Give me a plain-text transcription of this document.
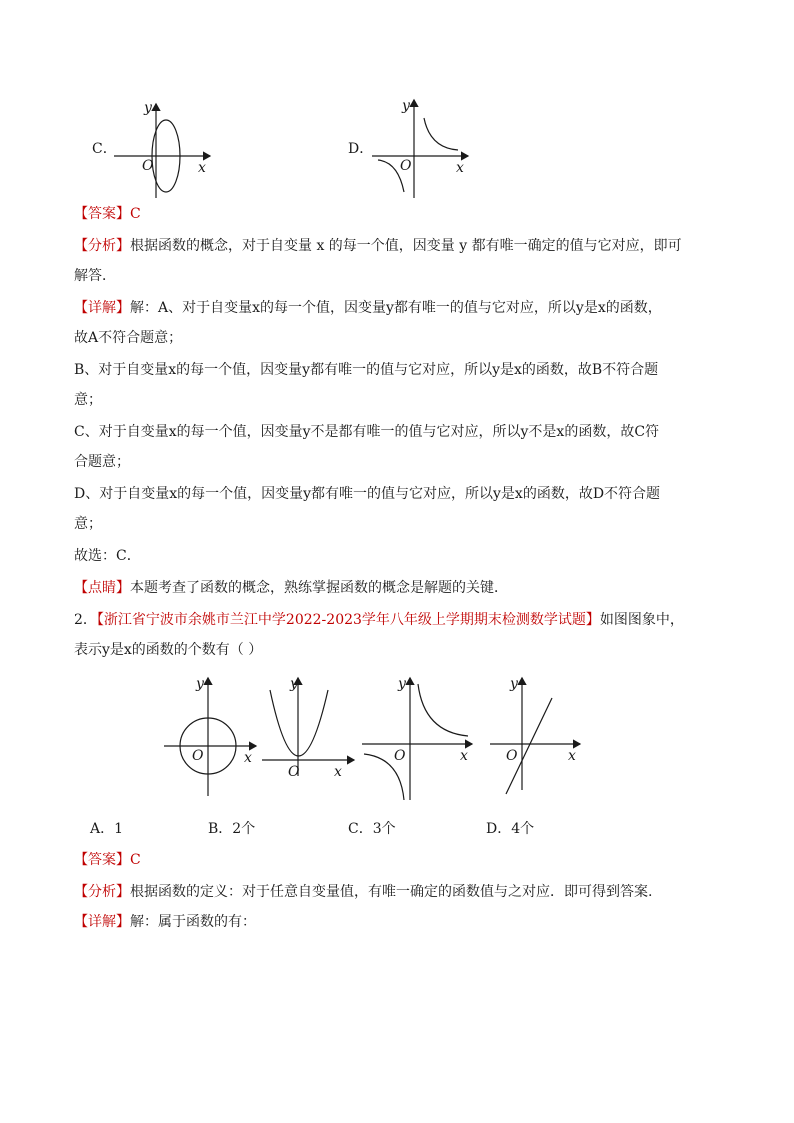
C．
y
x
O
D．
y
x
O
【答案】C
【分析】根据函数的概念，对于自变量 x 的每一个值，因变量 y 都有唯一确定的值与它对应，即可
解答．
【详解】解：A、对于自变量x的每一个值，因变量y都有唯一的值与它对应，所以y是x的函数，
故A不符合题意；
B、对于自变量x的每一个值，因变量y都有唯一的值与它对应，所以y是x的函数，故B不符合题
意；
C、对于自变量x的每一个值，因变量y不是都有唯一的值与它对应，所以y不是x的函数，故C符
合题意；
D、对于自变量x的每一个值，因变量y都有唯一的值与它对应，所以y是x的函数，故D不符合题
意；
故选：C．
【点睛】本题考查了函数的概念，熟练掌握函数的概念是解题的关键．
2．【浙江省宁波市余姚市兰江中学2022-2023学年八年级上学期期末检测数学试题】如图图象中，
表示y是x的函数的个数有（ ）
y
x
O
y
x
O
y
x
O
y
x
O
A．1	B．2个	C．3个	D．4个
【答案】C
【分析】根据函数的定义：对于任意自变量值，有唯一确定的函数值与之对应．即可得到答案.
【详解】解：属于函数的有：
